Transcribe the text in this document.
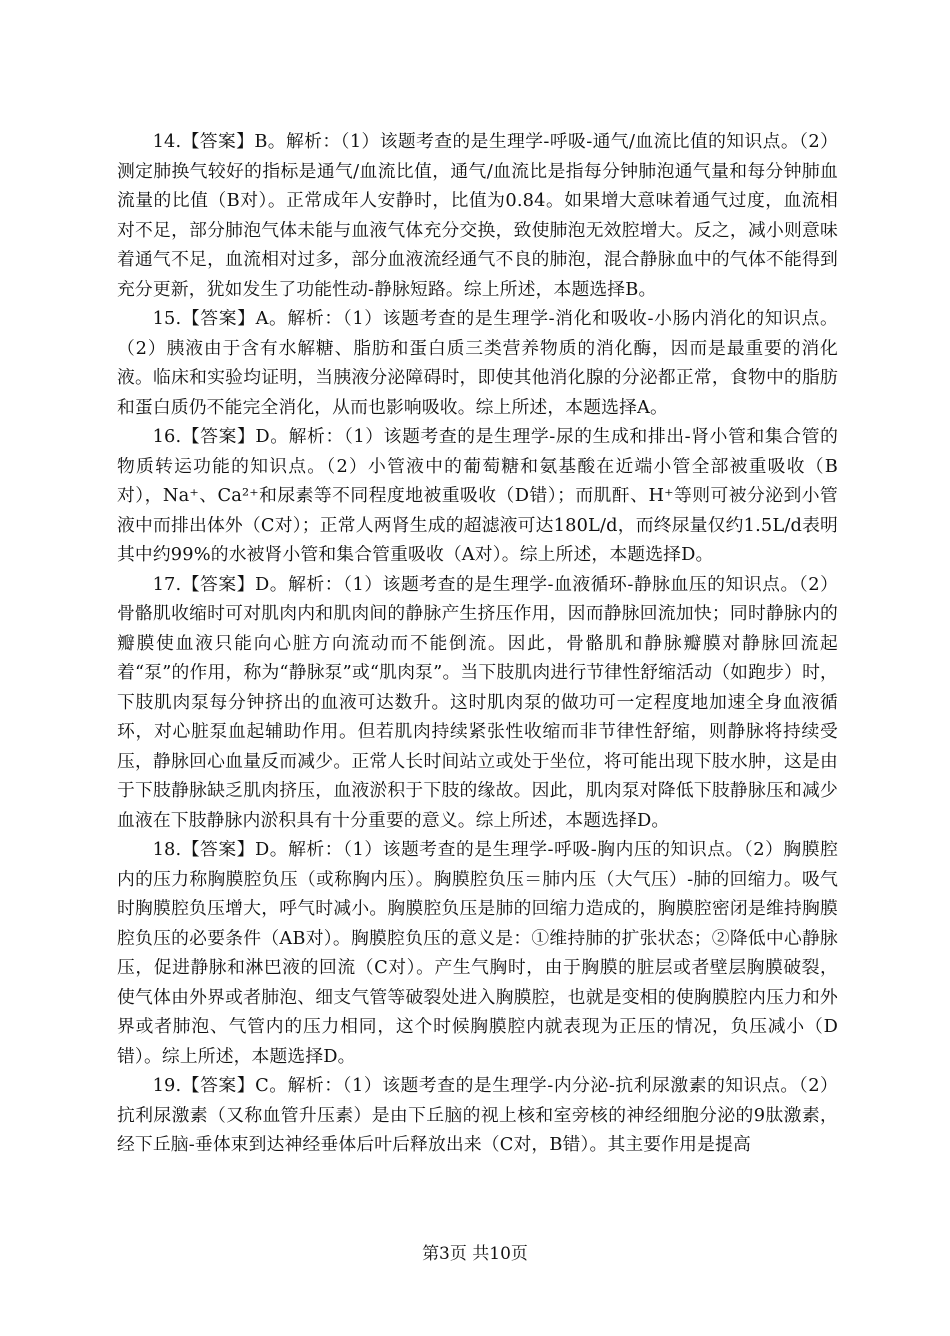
14.【答案】B。解析：（1）该题考查的是生理学-呼吸-通气/血流比值的知识点。（2）测定肺换气较好的指标是通气/血流比值，通气/血流比是指每分钟肺泡通气量和每分钟肺血流量的比值（B对）。正常成年人安静时，比值为0.84。如果增大意味着通气过度，血流相对不足，部分肺泡气体未能与血液气体充分交换，致使肺泡无效腔增大。反之，减小则意味着通气不足，血流相对过多，部分血液流经通气不良的肺泡，混合静脉血中的气体不能得到充分更新，犹如发生了功能性动-静脉短路。综上所述，本题选择B。

15.【答案】A。解析：（1）该题考查的是生理学-消化和吸收-小肠内消化的知识点。（2）胰液由于含有水解糖、脂肪和蛋白质三类营养物质的消化酶，因而是最重要的消化液。临床和实验均证明，当胰液分泌障碍时，即使其他消化腺的分泌都正常，食物中的脂肪和蛋白质仍不能完全消化，从而也影响吸收。综上所述，本题选择A。

16.【答案】D。解析：（1）该题考查的是生理学-尿的生成和排出-肾小管和集合管的物质转运功能的知识点。（2）小管液中的葡萄糖和氨基酸在近端小管全部被重吸收（B对），Na⁺、Ca²⁺和尿素等不同程度地被重吸收（D错）；而肌酐、H⁺等则可被分泌到小管液中而排出体外（C对）；正常人两肾生成的超滤液可达180L/d，而终尿量仅约1.5L/d表明其中约99%的水被肾小管和集合管重吸收（A对）。综上所述，本题选择D。

17.【答案】D。解析：（1）该题考查的是生理学-血液循环-静脉血压的知识点。（2）骨骼肌收缩时可对肌肉内和肌肉间的静脉产生挤压作用，因而静脉回流加快；同时静脉内的瓣膜使血液只能向心脏方向流动而不能倒流。因此，骨骼肌和静脉瓣膜对静脉回流起着“泵”的作用，称为“静脉泵”或“肌肉泵”。当下肢肌肉进行节律性舒缩活动（如跑步）时，下肢肌肉泵每分钟挤出的血液可达数升。这时肌肉泵的做功可一定程度地加速全身血液循环，对心脏泵血起辅助作用。但若肌肉持续紧张性收缩而非节律性舒缩，则静脉将持续受压，静脉回心血量反而减少。正常人长时间站立或处于坐位，将可能出现下肢水肿，这是由于下肢静脉缺乏肌肉挤压，血液淤积于下肢的缘故。因此，肌肉泵对降低下肢静脉压和减少血液在下肢静脉内淤积具有十分重要的意义。综上所述，本题选择D。

18.【答案】D。解析：（1）该题考查的是生理学-呼吸-胸内压的知识点。（2）胸膜腔内的压力称胸膜腔负压（或称胸内压）。胸膜腔负压＝肺内压（大气压）-肺的回缩力。吸气时胸膜腔负压增大，呼气时减小。胸膜腔负压是肺的回缩力造成的，胸膜腔密闭是维持胸膜腔负压的必要条件（AB对）。胸膜腔负压的意义是：①维持肺的扩张状态；②降低中心静脉压，促进静脉和淋巴液的回流（C对）。产生气胸时，由于胸膜的脏层或者壁层胸膜破裂，使气体由外界或者肺泡、细支气管等破裂处进入胸膜腔，也就是变相的使胸膜腔内压力和外界或者肺泡、气管内的压力相同，这个时候胸膜腔内就表现为正压的情况，负压减小（D错）。综上所述，本题选择D。

19.【答案】C。解析：（1）该题考查的是生理学-内分泌-抗利尿激素的知识点。（2）抗利尿激素（又称血管升压素）是由下丘脑的视上核和室旁核的神经细胞分泌的9肽激素，经下丘脑-垂体束到达神经垂体后叶后释放出来（C对，B错）。其主要作用是提高

第3页 共10页
